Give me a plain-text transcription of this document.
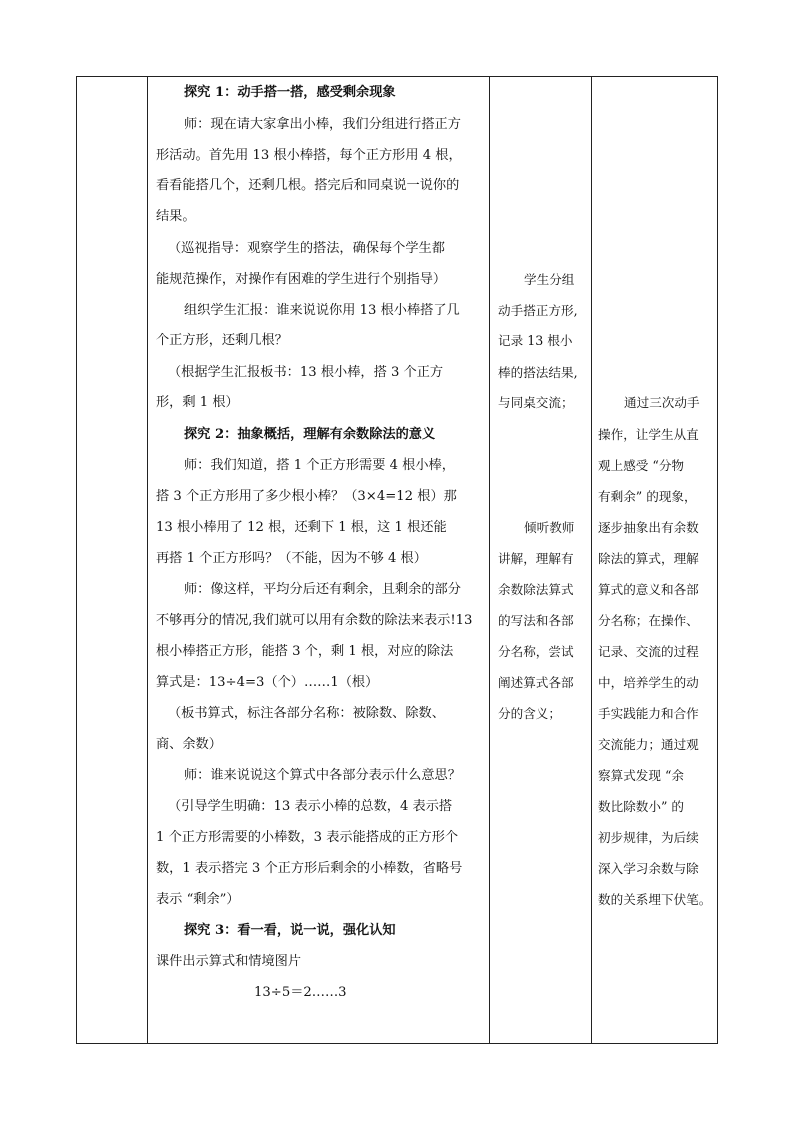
探究 1：动手搭一搭，感受剩余现象
师：现在请大家拿出小棒，我们分组进行搭正方
形活动。首先用 13 根小棒搭，每个正方形用 4 根，
看看能搭几个，还剩几根。搭完后和同桌说一说你的
结果。
（巡视指导：观察学生的搭法，确保每个学生都
能规范操作，对操作有困难的学生进行个别指导）
组织学生汇报：谁来说说你用 13 根小棒搭了几
个正方形，还剩几根？
（根据学生汇报板书：13 根小棒，搭 3 个正方
形，剩 1 根）
探究 2：抽象概括，理解有余数除法的意义
师：我们知道，搭 1 个正方形需要 4 根小棒，
搭 3 个正方形用了多少根小棒？（3×4=12 根）那
13 根小棒用了 12 根，还剩下 1 根，这 1 根还能
再搭 1 个正方形吗？（不能，因为不够 4 根）
师：像这样，平均分后还有剩余，且剩余的部分
不够再分的情况,我们就可以用有余数的除法来表示!13
根小棒搭正方形，能搭 3 个，剩 1 根，对应的除法
算式是：13÷4=3（个）……1（根）
（板书算式，标注各部分名称：被除数、除数、
商、余数）
师：谁来说说这个算式中各部分表示什么意思？
（引导学生明确：13 表示小棒的总数，4 表示搭
1 个正方形需要的小棒数，3 表示能搭成的正方形个
数，1 表示搭完 3 个正方形后剩余的小棒数，省略号
表示 “剩余”）
探究 3：看一看，说一说，强化认知
课件出示算式和情境图片
13÷5＝2……3
学生分组
动手搭正方形,
记录 13 根小
棒的搭法结果,
与同桌交流；
倾听教师
讲解，理解有
余数除法算式
的写法和各部
分名称，尝试
阐述算式各部
分的含义；
通过三次动手
操作，让学生从直
观上感受 “分物
有剩余” 的现象，
逐步抽象出有余数
除法的算式，理解
算式的意义和各部
分名称；在操作、
记录、交流的过程
中，培养学生的动
手实践能力和合作
交流能力；通过观
察算式发现 “余
数比除数小” 的
初步规律，为后续
深入学习余数与除
数的关系埋下伏笔。
